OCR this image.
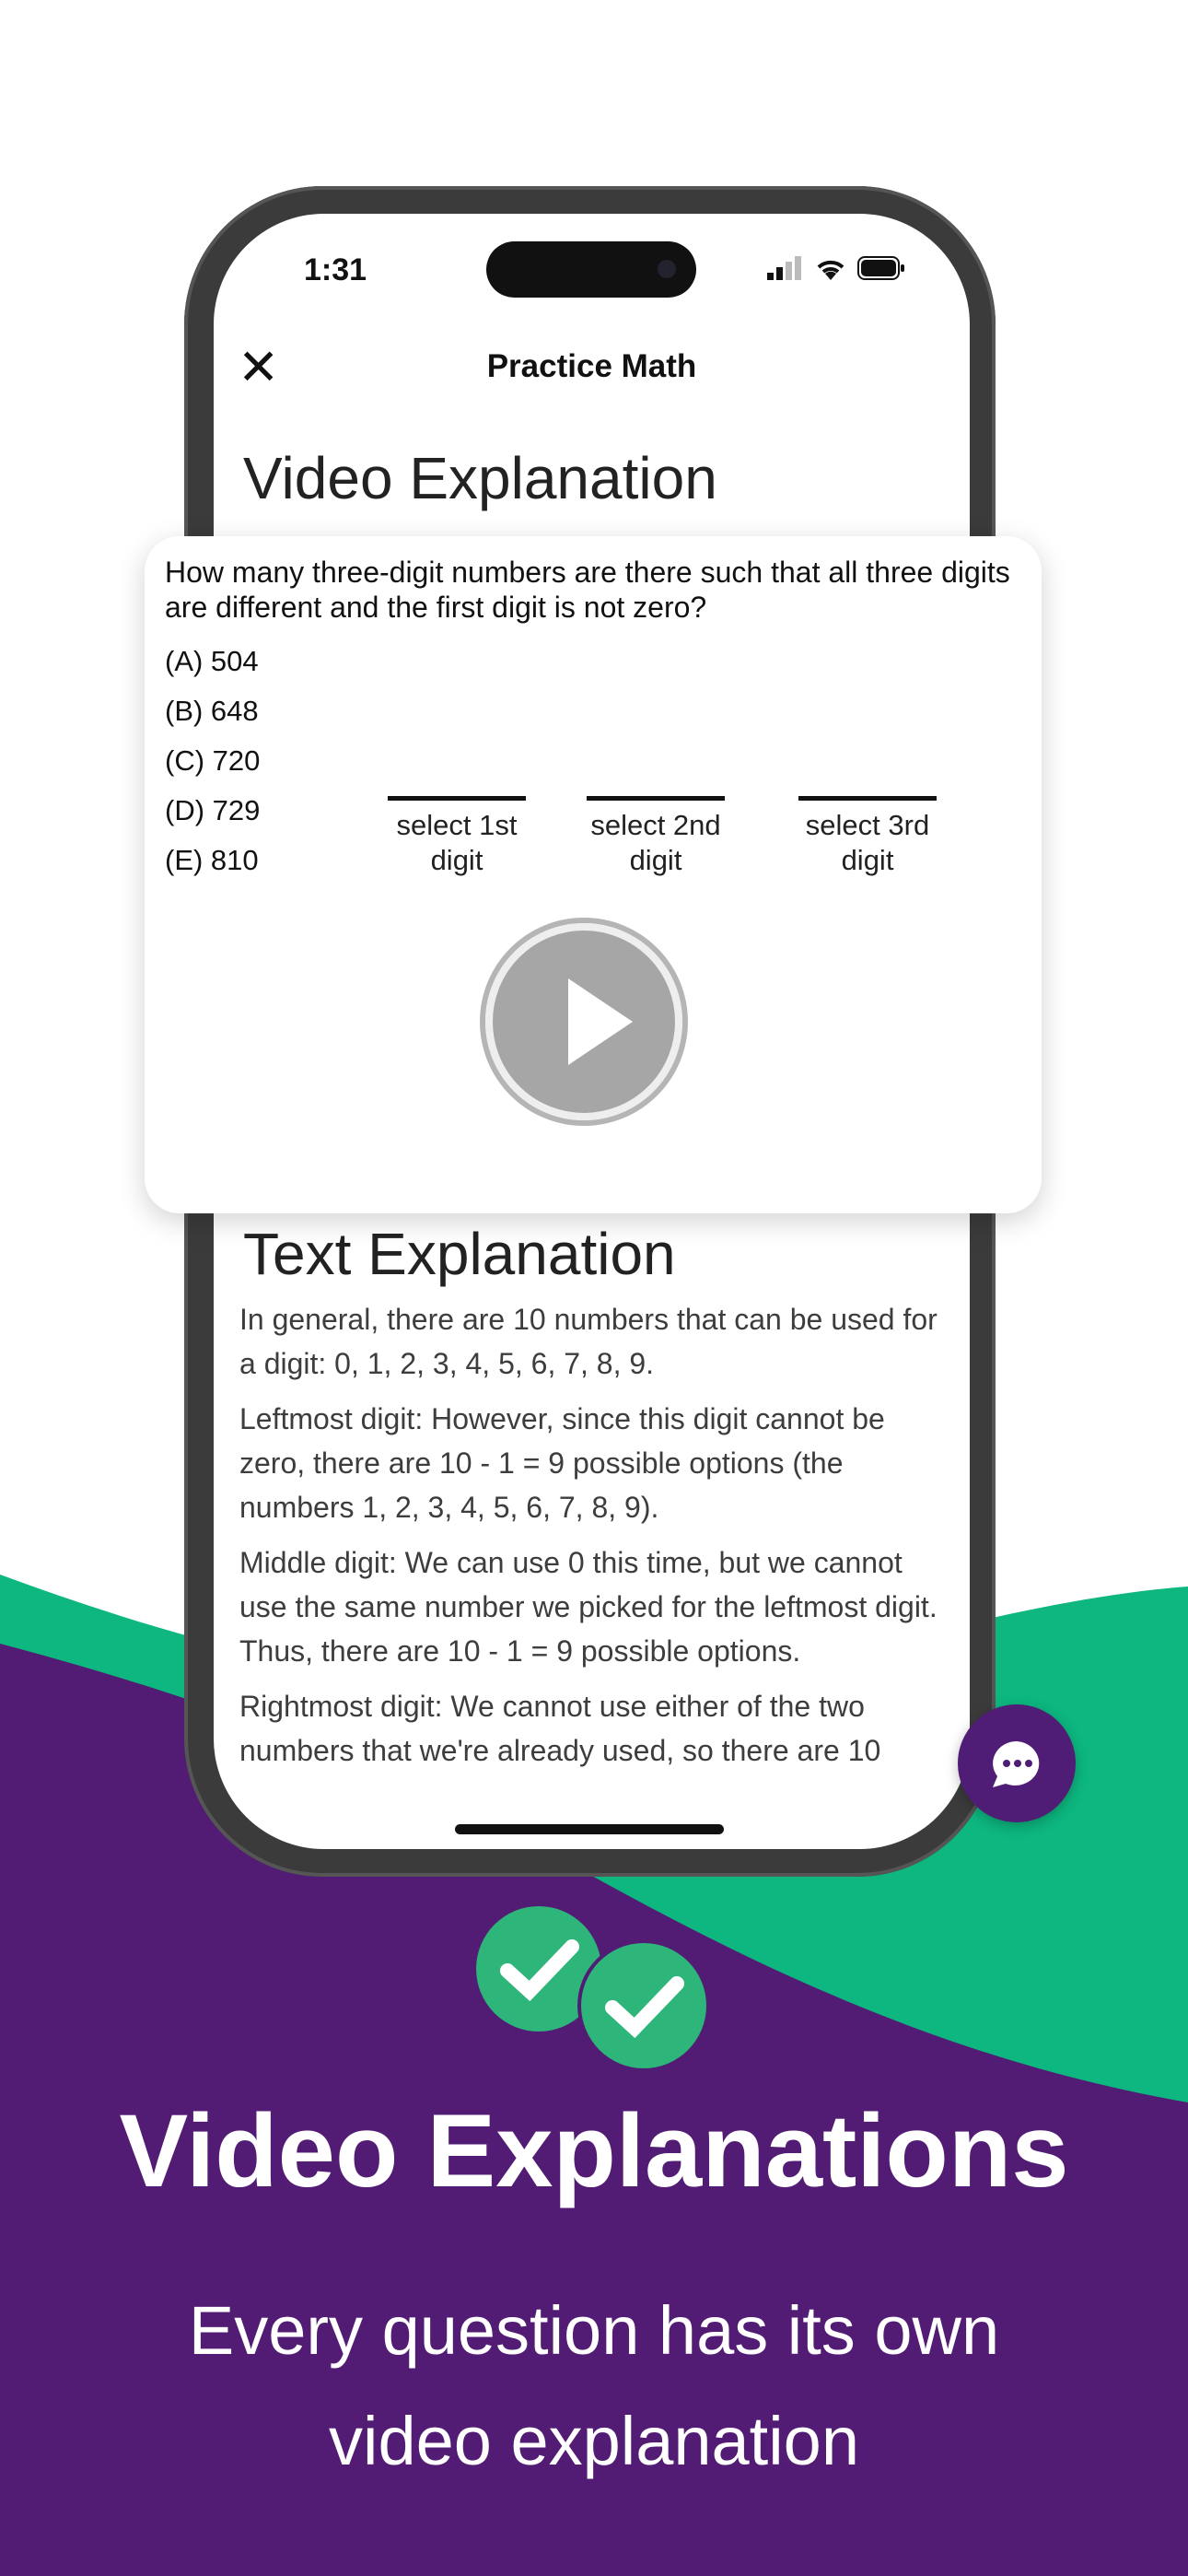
1:31
✕	Practice Math
Video Explanation
Text Explanation
In general, there are 10 numbers that can be used for a digit: 0, 1, 2, 3, 4, 5, 6, 7, 8, 9.
Leftmost digit: However, since this digit cannot be zero, there are 10 - 1 = 9 possible options (the numbers 1, 2, 3, 4, 5, 6, 7, 8, 9).
Middle digit: We can use 0 this time, but we cannot use the same number we picked for the leftmost digit. Thus, there are 10 - 1 = 9 possible options.
Rightmost digit: We cannot use either of the two numbers that we're already used, so there are 10
How many three-digit numbers are there such that all three digits are different and the first digit is not zero?
(A) 504
(B) 648
(C) 720
(D) 729
(E) 810
select 1st
digit
select 2nd
digit
select 3rd
digit
Video Explanations
Every question has its own
video explanation
